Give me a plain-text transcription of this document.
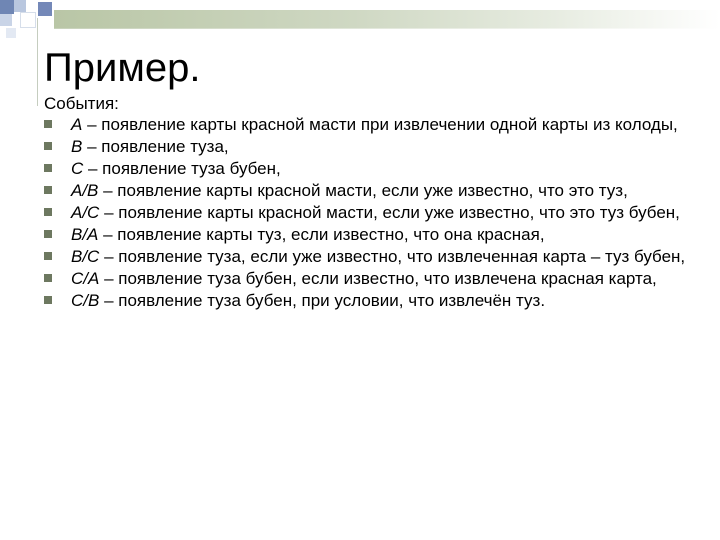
Пример.
События:
A – появление карты красной масти при извлечении одной карты из колоды,
B – появление туза,
C – появление туза бубен,
A/B – появление карты красной масти, если уже известно, что это туз,
A/C – появление карты красной масти, если уже известно, что это туз бубен,
B/A – появление карты туз, если известно, что она красная,
B/C – появление туза, если уже известно, что извлеченная карта – туз бубен,
C/A – появление туза бубен, если известно, что извлечена красная карта,
C/B – появление туза бубен, при условии, что извлечён туз.
